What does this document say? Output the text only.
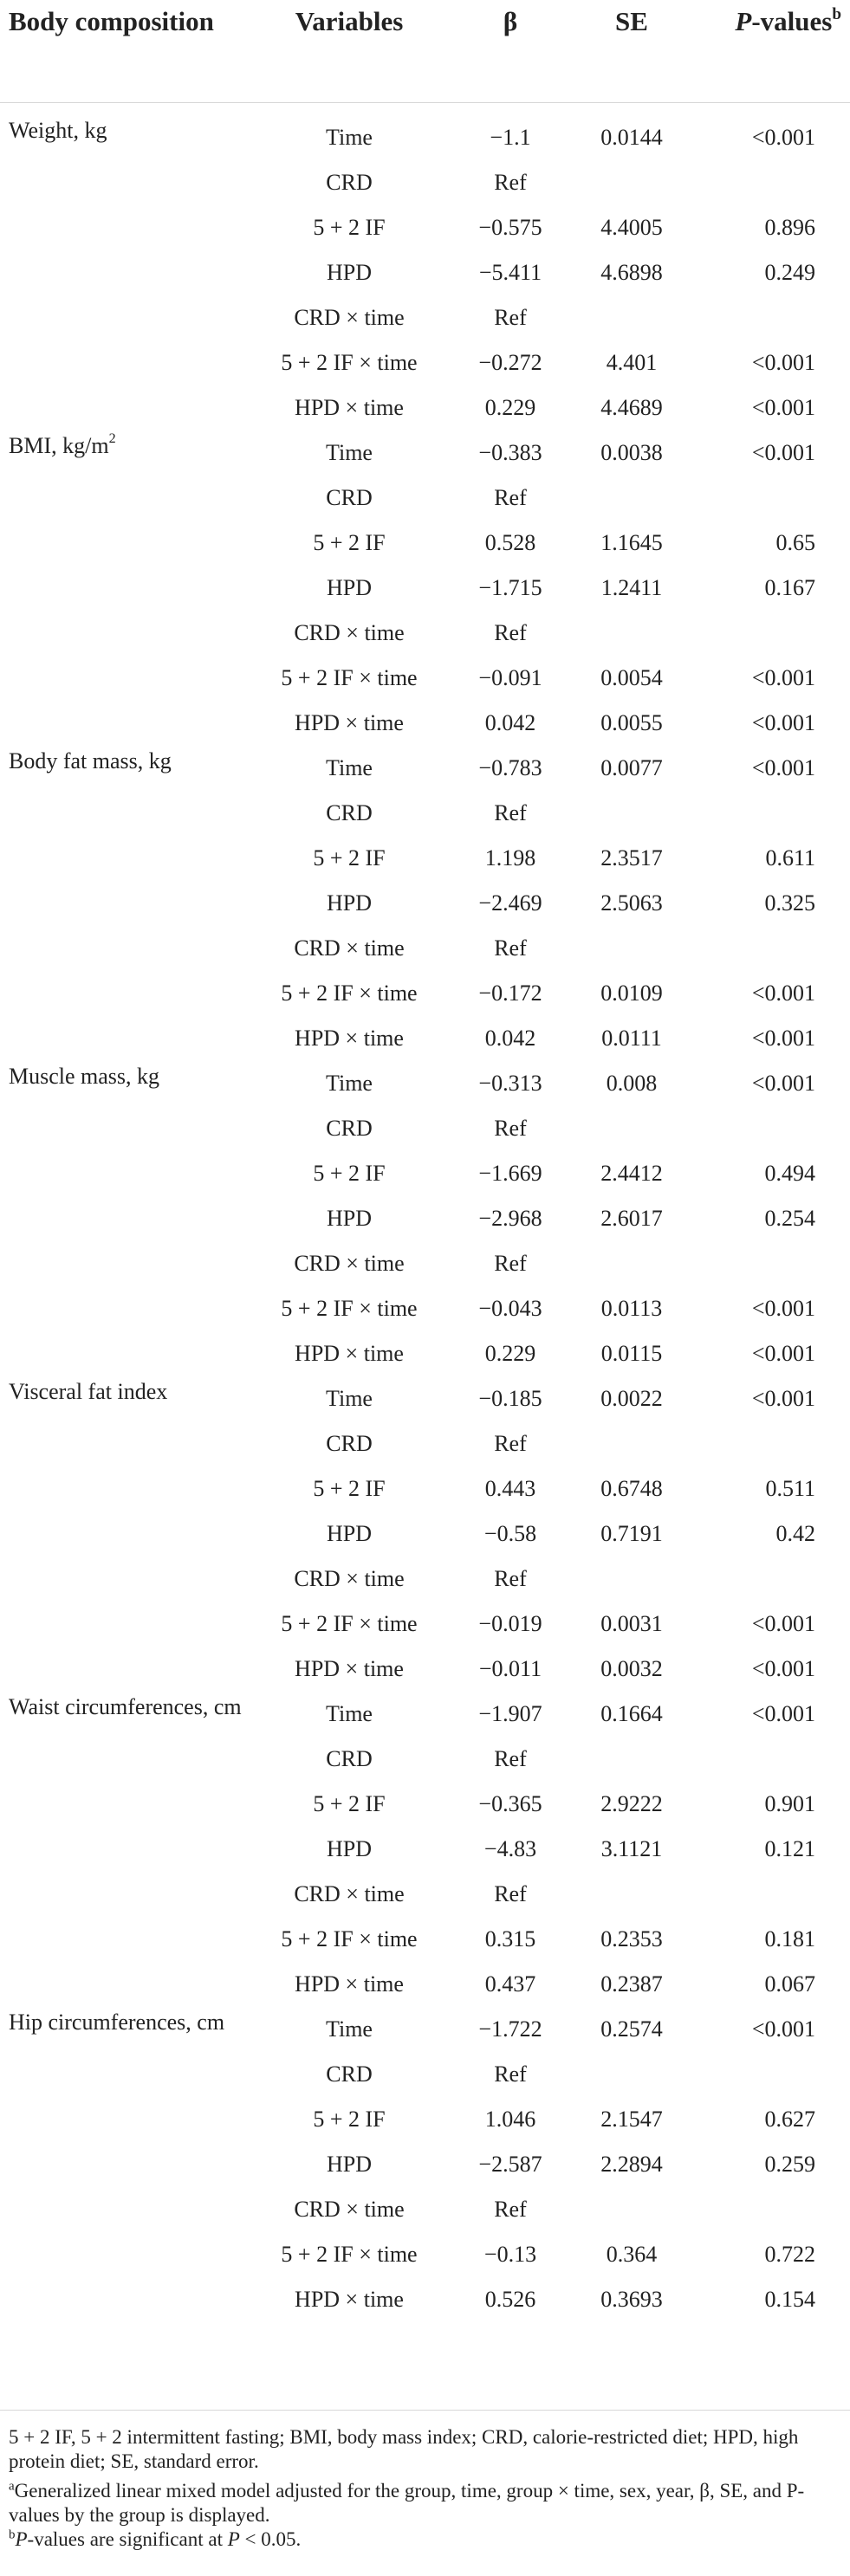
Body composition	Variables	β	SE	P-values$^b$
Weight, kg	Time	−1.1	0.0144	<0.001
	CRD	Ref		
	5 + 2 IF	−0.575	4.4005	0.896
	HPD	−5.411	4.6898	0.249
	CRD × time	Ref		
	5 + 2 IF × time	−0.272	4.401	<0.001
	HPD × time	0.229	4.4689	<0.001
BMI, $kg/m^2$	Time	−0.383	0.0038	<0.001
	CRD	Ref		
	5 + 2 IF	0.528	1.1645	0.65
	HPD	−1.715	1.2411	0.167
	CRD × time	Ref		
	5 + 2 IF × time	−0.091	0.0054	<0.001
	HPD × time	0.042	0.0055	<0.001
Body fat mass, kg	Time	−0.783	0.0077	<0.001
	CRD	Ref		
	5 + 2 IF	1.198	2.3517	0.611
	HPD	−2.469	2.5063	0.325
	CRD × time	Ref		
	5 + 2 IF × time	−0.172	0.0109	<0.001
	HPD × time	0.042	0.0111	<0.001
Muscle mass, kg	Time	−0.313	0.008	<0.001
	CRD	Ref		
	5 + 2 IF	−1.669	2.4412	0.494
	HPD	−2.968	2.6017	0.254
	CRD × time	Ref		
	5 + 2 IF × time	−0.043	0.0113	<0.001
	HPD × time	0.229	0.0115	<0.001
Visceral fat index	Time	−0.185	0.0022	<0.001
	CRD	Ref		
	5 + 2 IF	0.443	0.6748	0.511
	HPD	−0.58	0.7191	0.42
	CRD × time	Ref		
	5 + 2 IF × time	−0.019	0.0031	<0.001
	HPD × time	−0.011	0.0032	<0.001
Waist circumferences, cm	Time	−1.907	0.1664	<0.001
	CRD	Ref		
	5 + 2 IF	−0.365	2.9222	0.901
	HPD	−4.83	3.1121	0.121
	CRD × time	Ref		
	5 + 2 IF × time	0.315	0.2353	0.181
	HPD × time	0.437	0.2387	0.067
Hip circumferences, cm	Time	−1.722	0.2574	<0.001
	CRD	Ref		
	5 + 2 IF	1.046	2.1547	0.627
	HPD	−2.587	2.2894	0.259
	CRD × time	Ref		
	5 + 2 IF × time	−0.13	0.364	0.722
	HPD × time	0.526	0.3693	0.154

5 + 2 IF, 5 + 2 intermittent fasting; BMI, body mass index; CRD, calorie-restricted diet; HPD, high protein diet; SE, standard error.

$^a$Generalized linear mixed model adjusted for the group, time, group × time, sex, year, β, SE, and P-values by the group is displayed.

$^b$P-values are significant at P < 0.05.
